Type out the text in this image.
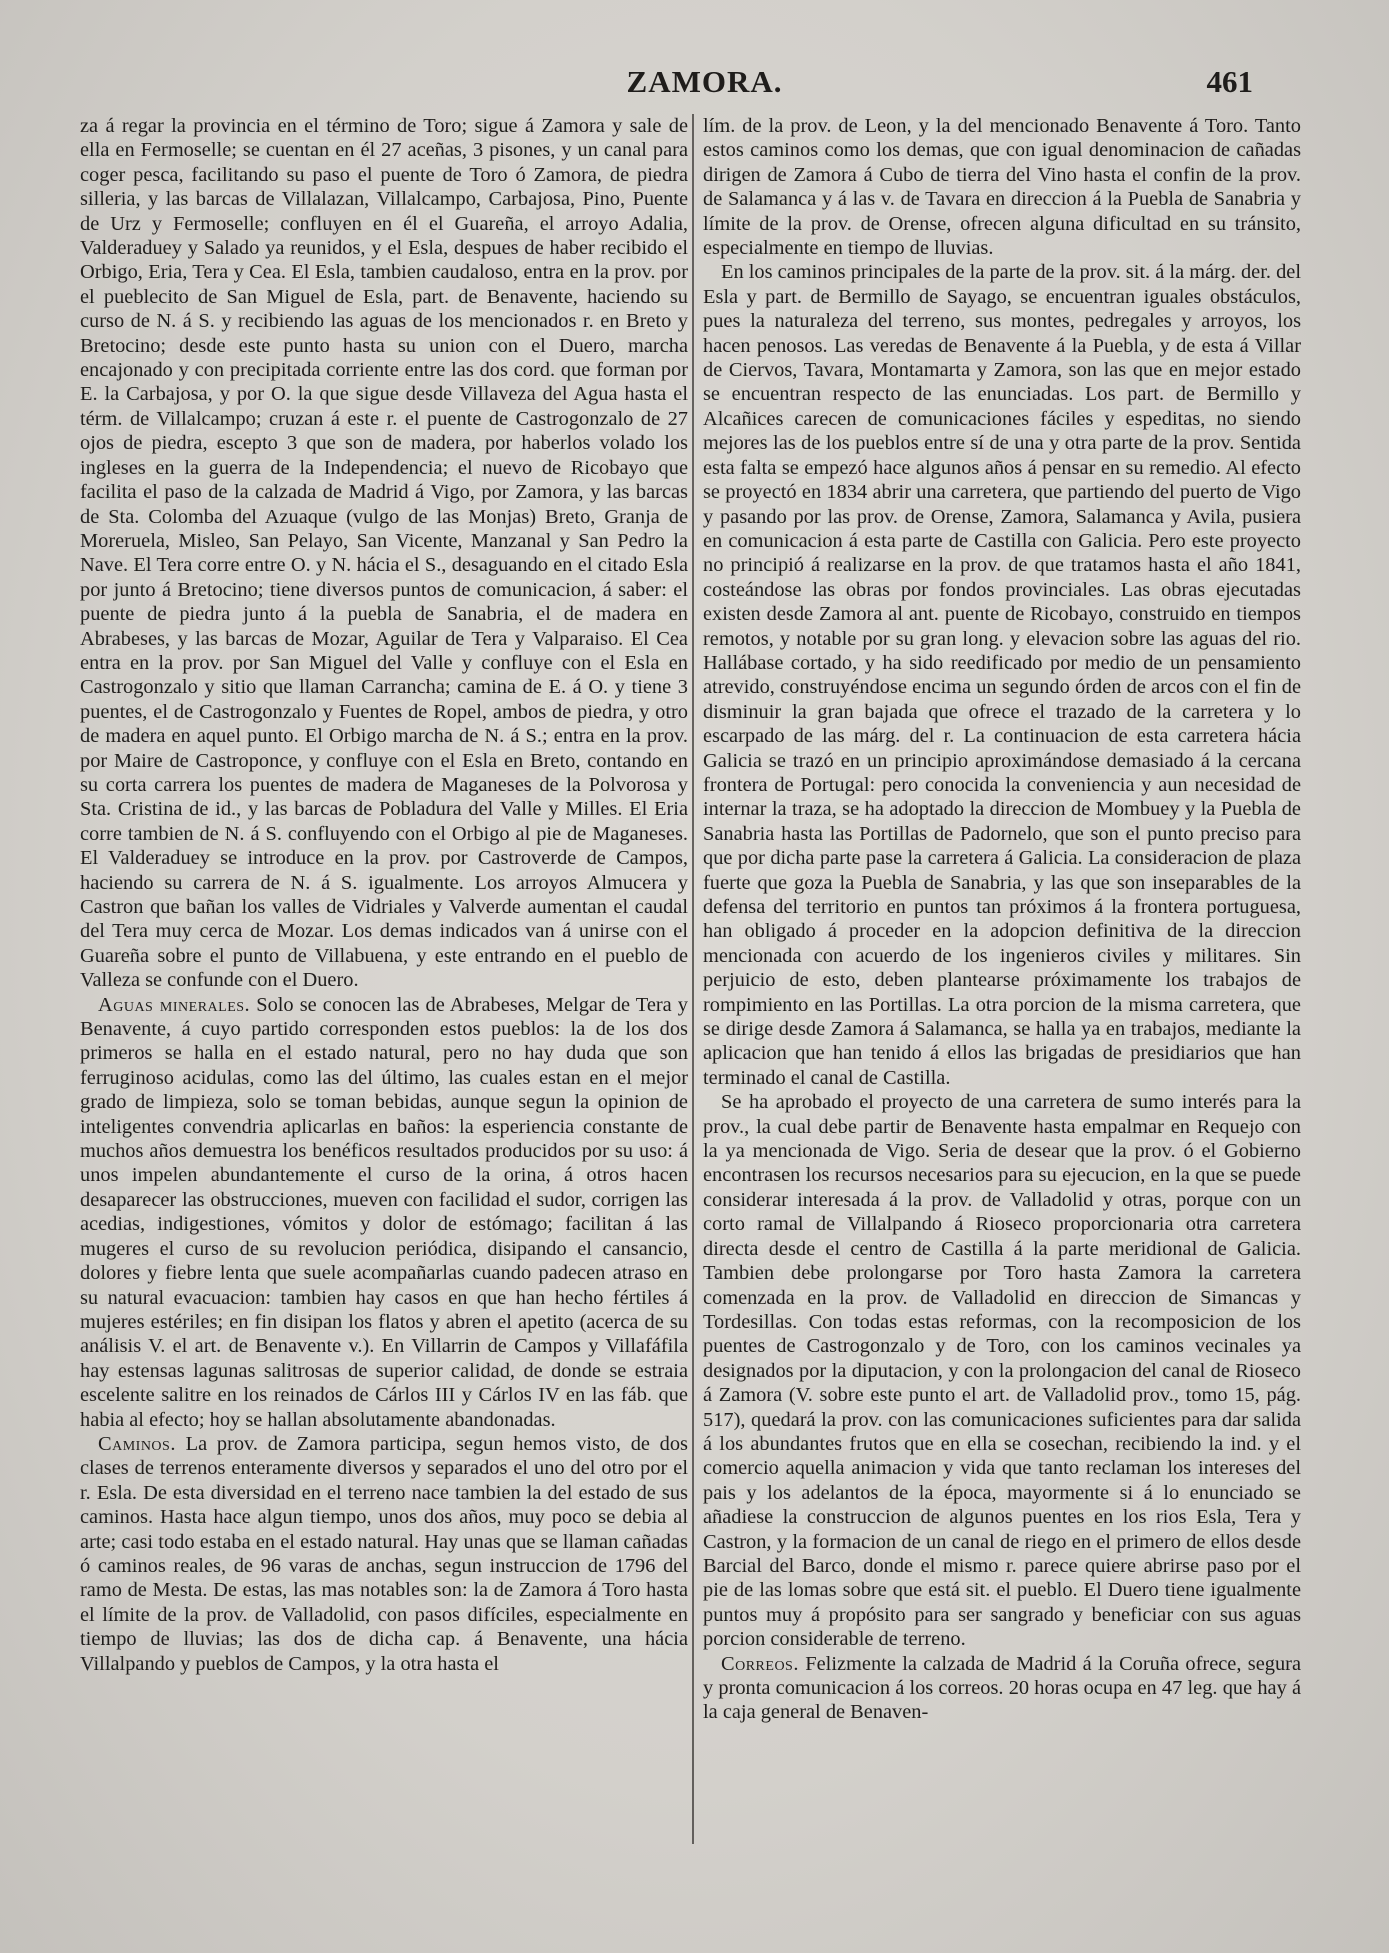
ZAMORA.	461

za á regar la provincia en el término de Toro; sigue á Zamora y sale de ella en Fermoselle; se cuentan en él 27 aceñas, 3 pisones, y un canal para coger pesca, facilitando su paso el puente de Toro ó Zamora, de piedra silleria, y las barcas de Villalazan, Villalcampo, Carbajosa, Pino, Puente de Urz y Fermoselle; confluyen en él el Guareña, el arroyo Adalia, Valderaduey y Salado ya reunidos, y el Esla, despues de haber recibido el Orbigo, Eria, Tera y Cea. El Esla, tambien caudaloso, entra en la prov. por el pueblecito de San Miguel de Esla, part. de Benavente, haciendo su curso de N. á S. y recibiendo las aguas de los mencionados r. en Breto y Bretocino; desde este punto hasta su union con el Duero, marcha encajonado y con precipitada corriente entre las dos cord. que forman por E. la Carbajosa, y por O. la que sigue desde Villaveza del Agua hasta el térm. de Villalcampo; cruzan á este r. el puente de Castrogonzalo de 27 ojos de piedra, escepto 3 que son de madera, por haberlos volado los ingleses en la guerra de la Independencia; el nuevo de Ricobayo que facilita el paso de la calzada de Madrid á Vigo, por Zamora, y las barcas de Sta. Colomba del Azuaque (vulgo de las Monjas) Breto, Granja de Moreruela, Misleo, San Pelayo, San Vicente, Manzanal y San Pedro la Nave. El Tera corre entre O. y N. hácia el S., desaguando en el citado Esla por junto á Bretocino; tiene diversos puntos de comunicacion, á saber: el puente de piedra junto á la puebla de Sanabria, el de madera en Abrabeses, y las barcas de Mozar, Aguilar de Tera y Valparaiso. El Cea entra en la prov. por San Miguel del Valle y confluye con el Esla en Castrogonzalo y sitio que llaman Carrancha; camina de E. á O. y tiene 3 puentes, el de Castrogonzalo y Fuentes de Ropel, ambos de piedra, y otro de madera en aquel punto. El Orbigo marcha de N. á S.; entra en la prov. por Maire de Castroponce, y confluye con el Esla en Breto, contando en su corta carrera los puentes de madera de Maganeses de la Polvorosa y Sta. Cristina de id., y las barcas de Pobladura del Valle y Milles. El Eria corre tambien de N. á S. confluyendo con el Orbigo al pie de Maganeses. El Valderaduey se introduce en la prov. por Castroverde de Campos, haciendo su carrera de N. á S. igualmente. Los arroyos Almucera y Castron que bañan los valles de Vidriales y Valverde aumentan el caudal del Tera muy cerca de Mozar. Los demas indicados van á unirse con el Guareña sobre el punto de Villabuena, y este entrando en el pueblo de Valleza se confunde con el Duero.

Aguas minerales. Solo se conocen las de Abrabeses, Melgar de Tera y Benavente, á cuyo partido corresponden estos pueblos: la de los dos primeros se halla en el estado natural, pero no hay duda que son ferruginoso acidulas, como las del último, las cuales estan en el mejor grado de limpieza, solo se toman bebidas, aunque segun la opinion de inteligentes convendria aplicarlas en baños: la esperiencia constante de muchos años demuestra los benéficos resultados producidos por su uso: á unos impelen abundantemente el curso de la orina, á otros hacen desaparecer las obstrucciones, mueven con facilidad el sudor, corrigen las acedias, indigestiones, vómitos y dolor de estómago; facilitan á las mugeres el curso de su revolucion periódica, disipando el cansancio, dolores y fiebre lenta que suele acompañarlas cuando padecen atraso en su natural evacuacion: tambien hay casos en que han hecho fértiles á mujeres estériles; en fin disipan los flatos y abren el apetito (acerca de su análisis V. el art. de Benavente v.). En Villarrin de Campos y Villafáfila hay estensas lagunas salitrosas de superior calidad, de donde se estraia escelente salitre en los reinados de Cárlos III y Cárlos IV en las fáb. que habia al efecto; hoy se hallan absolutamente abandonadas.

Caminos. La prov. de Zamora participa, segun hemos visto, de dos clases de terrenos enteramente diversos y separados el uno del otro por el r. Esla. De esta diversidad en el terreno nace tambien la del estado de sus caminos. Hasta hace algun tiempo, unos dos años, muy poco se debia al arte; casi todo estaba en el estado natural. Hay unas que se llaman cañadas ó caminos reales, de 96 varas de anchas, segun instruccion de 1796 del ramo de Mesta. De estas, las mas notables son: la de Zamora á Toro hasta el límite de la prov. de Valladolid, con pasos difíciles, especialmente en tiempo de lluvias; las dos de dicha cap. á Benavente, una hácia Villalpando y pueblos de Campos, y la otra hasta el

lím. de la prov. de Leon, y la del mencionado Benavente á Toro. Tanto estos caminos como los demas, que con igual denominacion de cañadas dirigen de Zamora á Cubo de tierra del Vino hasta el confin de la prov. de Salamanca y á las v. de Tavara en direccion á la Puebla de Sanabria y límite de la prov. de Orense, ofrecen alguna dificultad en su tránsito, especialmente en tiempo de lluvias.

En los caminos principales de la parte de la prov. sit. á la márg. der. del Esla y part. de Bermillo de Sayago, se encuentran iguales obstáculos, pues la naturaleza del terreno, sus montes, pedregales y arroyos, los hacen penosos. Las veredas de Benavente á la Puebla, y de esta á Villar de Ciervos, Tavara, Montamarta y Zamora, son las que en mejor estado se encuentran respecto de las enunciadas. Los part. de Bermillo y Alcañices carecen de comunicaciones fáciles y espeditas, no siendo mejores las de los pueblos entre sí de una y otra parte de la prov. Sentida esta falta se empezó hace algunos años á pensar en su remedio. Al efecto se proyectó en 1834 abrir una carretera, que partiendo del puerto de Vigo y pasando por las prov. de Orense, Zamora, Salamanca y Avila, pusiera en comunicacion á esta parte de Castilla con Galicia. Pero este proyecto no principió á realizarse en la prov. de que tratamos hasta el año 1841, costeándose las obras por fondos provinciales. Las obras ejecutadas existen desde Zamora al ant. puente de Ricobayo, construido en tiempos remotos, y notable por su gran long. y elevacion sobre las aguas del rio. Hallábase cortado, y ha sido reedificado por medio de un pensamiento atrevido, construyéndose encima un segundo órden de arcos con el fin de disminuir la gran bajada que ofrece el trazado de la carretera y lo escarpado de las márg. del r. La continuacion de esta carretera hácia Galicia se trazó en un principio aproximándose demasiado á la cercana frontera de Portugal: pero conocida la conveniencia y aun necesidad de internar la traza, se ha adoptado la direccion de Mombuey y la Puebla de Sanabria hasta las Portillas de Padornelo, que son el punto preciso para que por dicha parte pase la carretera á Galicia. La consideracion de plaza fuerte que goza la Puebla de Sanabria, y las que son inseparables de la defensa del territorio en puntos tan próximos á la frontera portuguesa, han obligado á proceder en la adopcion definitiva de la direccion mencionada con acuerdo de los ingenieros civiles y militares. Sin perjuicio de esto, deben plantearse próximamente los trabajos de rompimiento en las Portillas. La otra porcion de la misma carretera, que se dirige desde Zamora á Salamanca, se halla ya en trabajos, mediante la aplicacion que han tenido á ellos las brigadas de presidiarios que han terminado el canal de Castilla.

Se ha aprobado el proyecto de una carretera de sumo interés para la prov., la cual debe partir de Benavente hasta empalmar en Requejo con la ya mencionada de Vigo. Seria de desear que la prov. ó el Gobierno encontrasen los recursos necesarios para su ejecucion, en la que se puede considerar interesada á la prov. de Valladolid y otras, porque con un corto ramal de Villalpando á Rioseco proporcionaria otra carretera directa desde el centro de Castilla á la parte meridional de Galicia. Tambien debe prolongarse por Toro hasta Zamora la carretera comenzada en la prov. de Valladolid en direccion de Simancas y Tordesillas. Con todas estas reformas, con la recomposicion de los puentes de Castrogonzalo y de Toro, con los caminos vecinales ya designados por la diputacion, y con la prolongacion del canal de Rioseco á Zamora (V. sobre este punto el art. de Valladolid prov., tomo 15, pág. 517), quedará la prov. con las comunicaciones suficientes para dar salida á los abundantes frutos que en ella se cosechan, recibiendo la ind. y el comercio aquella animacion y vida que tanto reclaman los intereses del pais y los adelantos de la época, mayormente si á lo enunciado se añadiese la construccion de algunos puentes en los rios Esla, Tera y Castron, y la formacion de un canal de riego en el primero de ellos desde Barcial del Barco, donde el mismo r. parece quiere abrirse paso por el pie de las lomas sobre que está sit. el pueblo. El Duero tiene igualmente puntos muy á propósito para ser sangrado y beneficiar con sus aguas porcion considerable de terreno.

Correos. Felizmente la calzada de Madrid á la Coruña ofrece, segura y pronta comunicacion á los correos. 20 horas ocupa en 47 leg. que hay á la caja general de Benaven-
